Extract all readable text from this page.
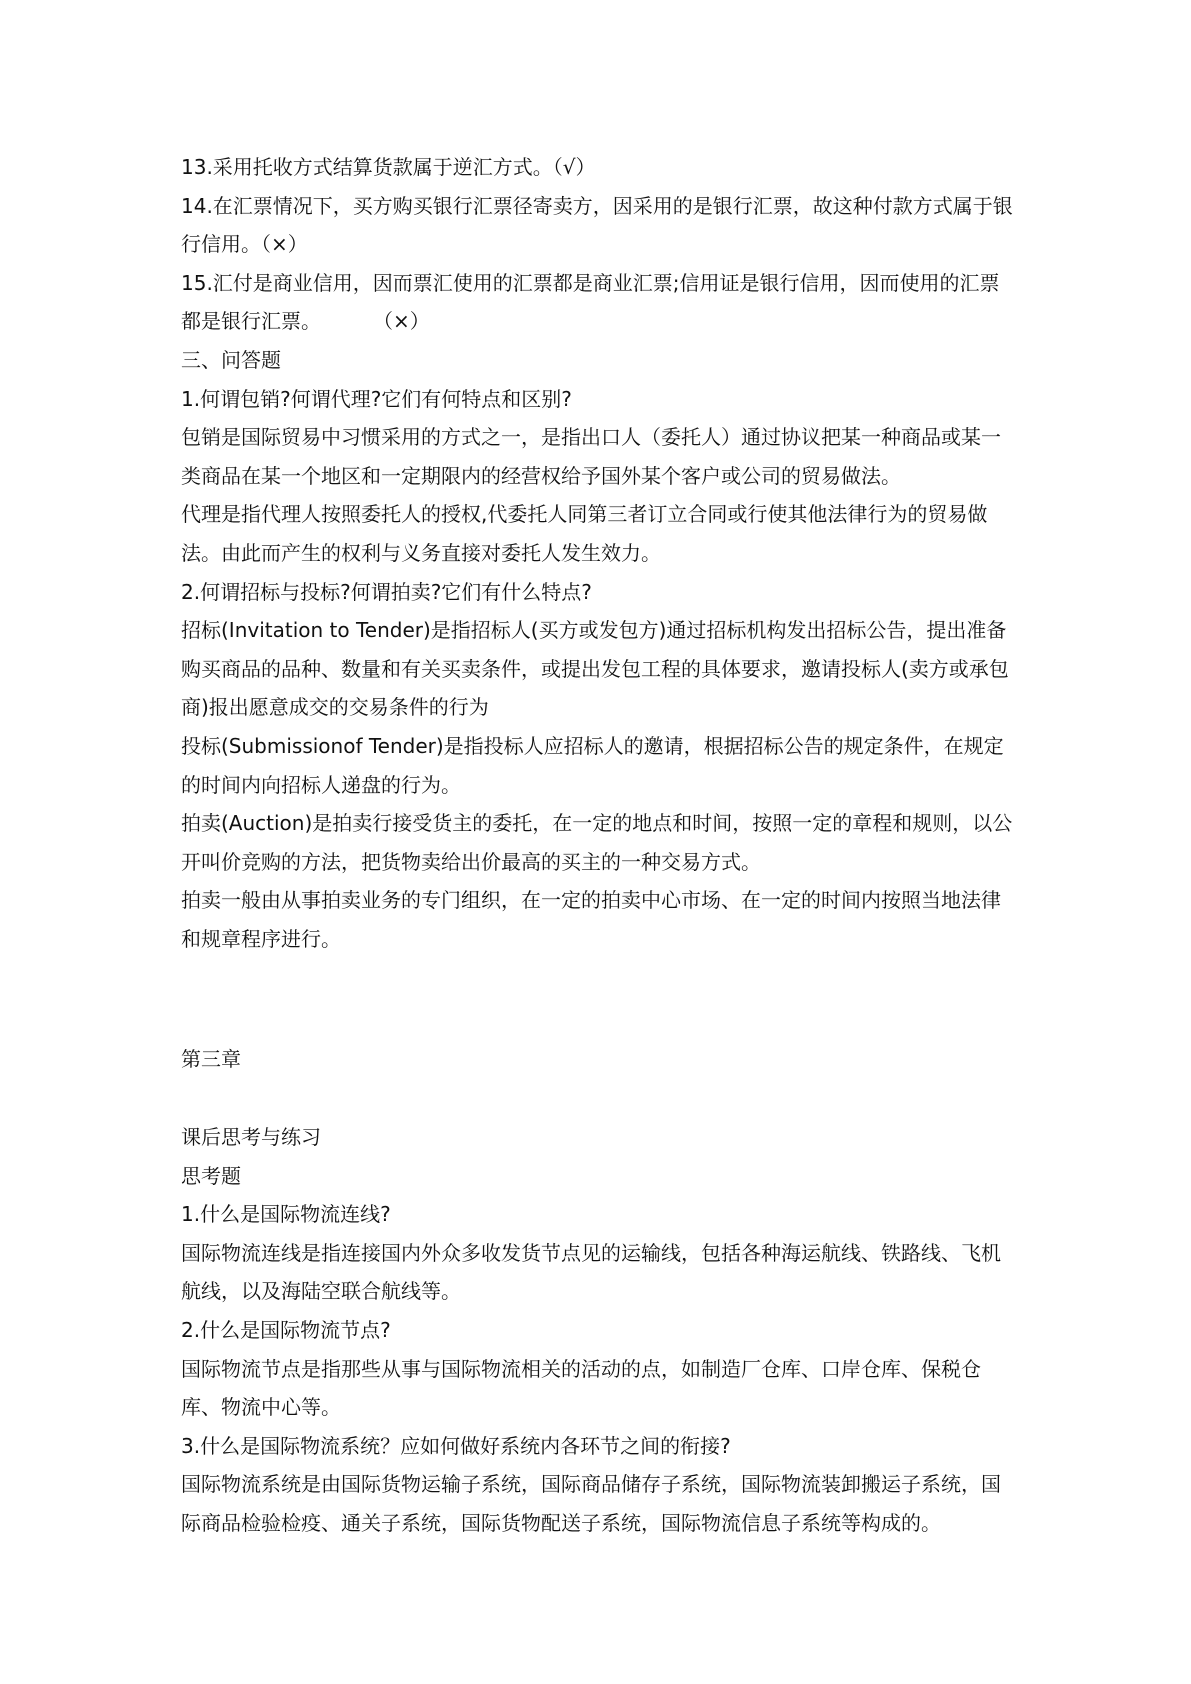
13.采用托收方式结算货款属于逆汇方式。（√）

14.在汇票情况下，买方购买银行汇票径寄卖方，因采用的是银行汇票，故这种付款方式属于银行信用。（×）

15.汇付是商业信用，因而票汇使用的汇票都是商业汇票;信用证是银行信用，因而使用的汇票都是银行汇票。	（×）

三、问答题

1.何谓包销?何谓代理?它们有何特点和区别?

包销是国际贸易中习惯采用的方式之一，是指出口人（委托人）通过协议把某一种商品或某一类商品在某一个地区和一定期限内的经营权给予国外某个客户或公司的贸易做法。

代理是指代理人按照委托人的授权,代委托人同第三者订立合同或行使其他法律行为的贸易做法。由此而产生的权利与义务直接对委托人发生效力。

2.何谓招标与投标?何谓拍卖?它们有什么特点?

招标(Invitation to Tender)是指招标人(买方或发包方)通过招标机构发出招标公告，提出准备购买商品的品种、数量和有关买卖条件，或提出发包工程的具体要求，邀请投标人(卖方或承包商)报出愿意成交的交易条件的行为

投标(Submissionof Tender)是指投标人应招标人的邀请，根据招标公告的规定条件，在规定的时间内向招标人递盘的行为。

拍卖(Auction)是拍卖行接受货主的委托，在一定的地点和时间，按照一定的章程和规则，以公开叫价竞购的方法，把货物卖给出价最高的买主的一种交易方式。

拍卖一般由从事拍卖业务的专门组织，在一定的拍卖中心市场、在一定的时间内按照当地法律和规章程序进行。

第三章

课后思考与练习

思考题

1.什么是国际物流连线?

国际物流连线是指连接国内外众多收发货节点见的运输线，包括各种海运航线、铁路线、飞机航线，以及海陆空联合航线等。

2.什么是国际物流节点?

国际物流节点是指那些从事与国际物流相关的活动的点，如制造厂仓库、口岸仓库、保税仓库、物流中心等。

3.什么是国际物流系统？应如何做好系统内各环节之间的衔接?

国际物流系统是由国际货物运输子系统，国际商品储存子系统，国际物流装卸搬运子系统，国际商品检验检疫、通关子系统，国际货物配送子系统，国际物流信息子系统等构成的。
